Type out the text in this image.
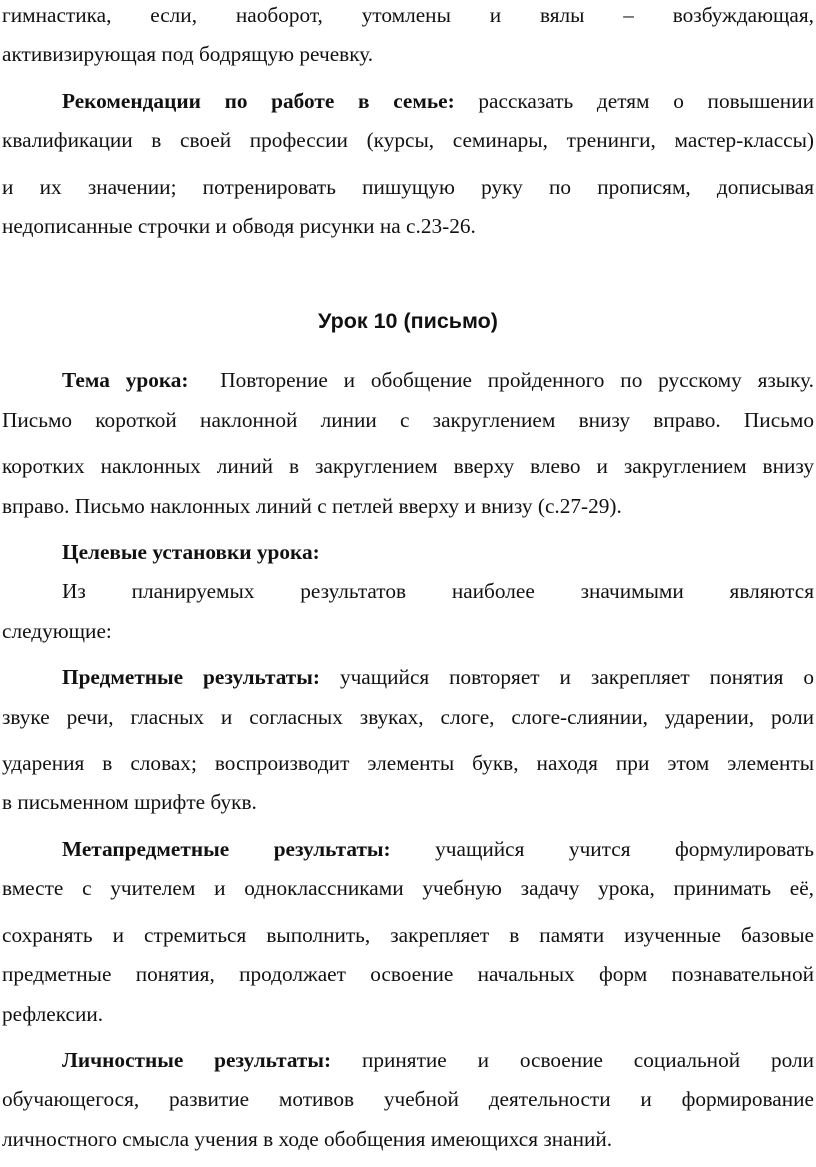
гимнастика, если, наоборот, утомлены и вялы – возбуждающая,
активизирующая под бодрящую речевку.
Рекомендации по работе в семье: рассказать детям о повышении
квалификации в своей профессии (курсы, семинары, тренинги, мастер-классы)
и их значении; потренировать пишущую руку по прописям, дописывая
недописанные строчки и обводя рисунки на с.23-26.
Урок 10 (письмо)
Тема урока: Повторение и обобщение пройденного по русскому языку.
Письмо короткой наклонной линии с закруглением внизу вправо. Письмо
коротких наклонных линий в закруглением вверху влево и закруглением внизу
вправо. Письмо наклонных линий с петлей вверху и внизу (с.27-29).
Целевые установки урока:
Из планируемых результатов наиболее значимыми являются
следующие:
Предметные результаты: учащийся повторяет и закрепляет понятия о
звуке речи, гласных и согласных звуках, слоге, слоге-слиянии, ударении, роли
ударения в словах; воспроизводит элементы букв, находя при этом элементы
в письменном шрифте букв.
Метапредметные результаты: учащийся учится формулировать
вместе с учителем и одноклассниками учебную задачу урока, принимать её,
сохранять и стремиться выполнить, закрепляет в памяти изученные базовые
предметные понятия, продолжает освоение начальных форм познавательной
рефлексии.
Личностные результаты: принятие и освоение социальной роли
обучающегося, развитие мотивов учебной деятельности и формирование
личностного смысла учения в ходе обобщения имеющихся знаний.
